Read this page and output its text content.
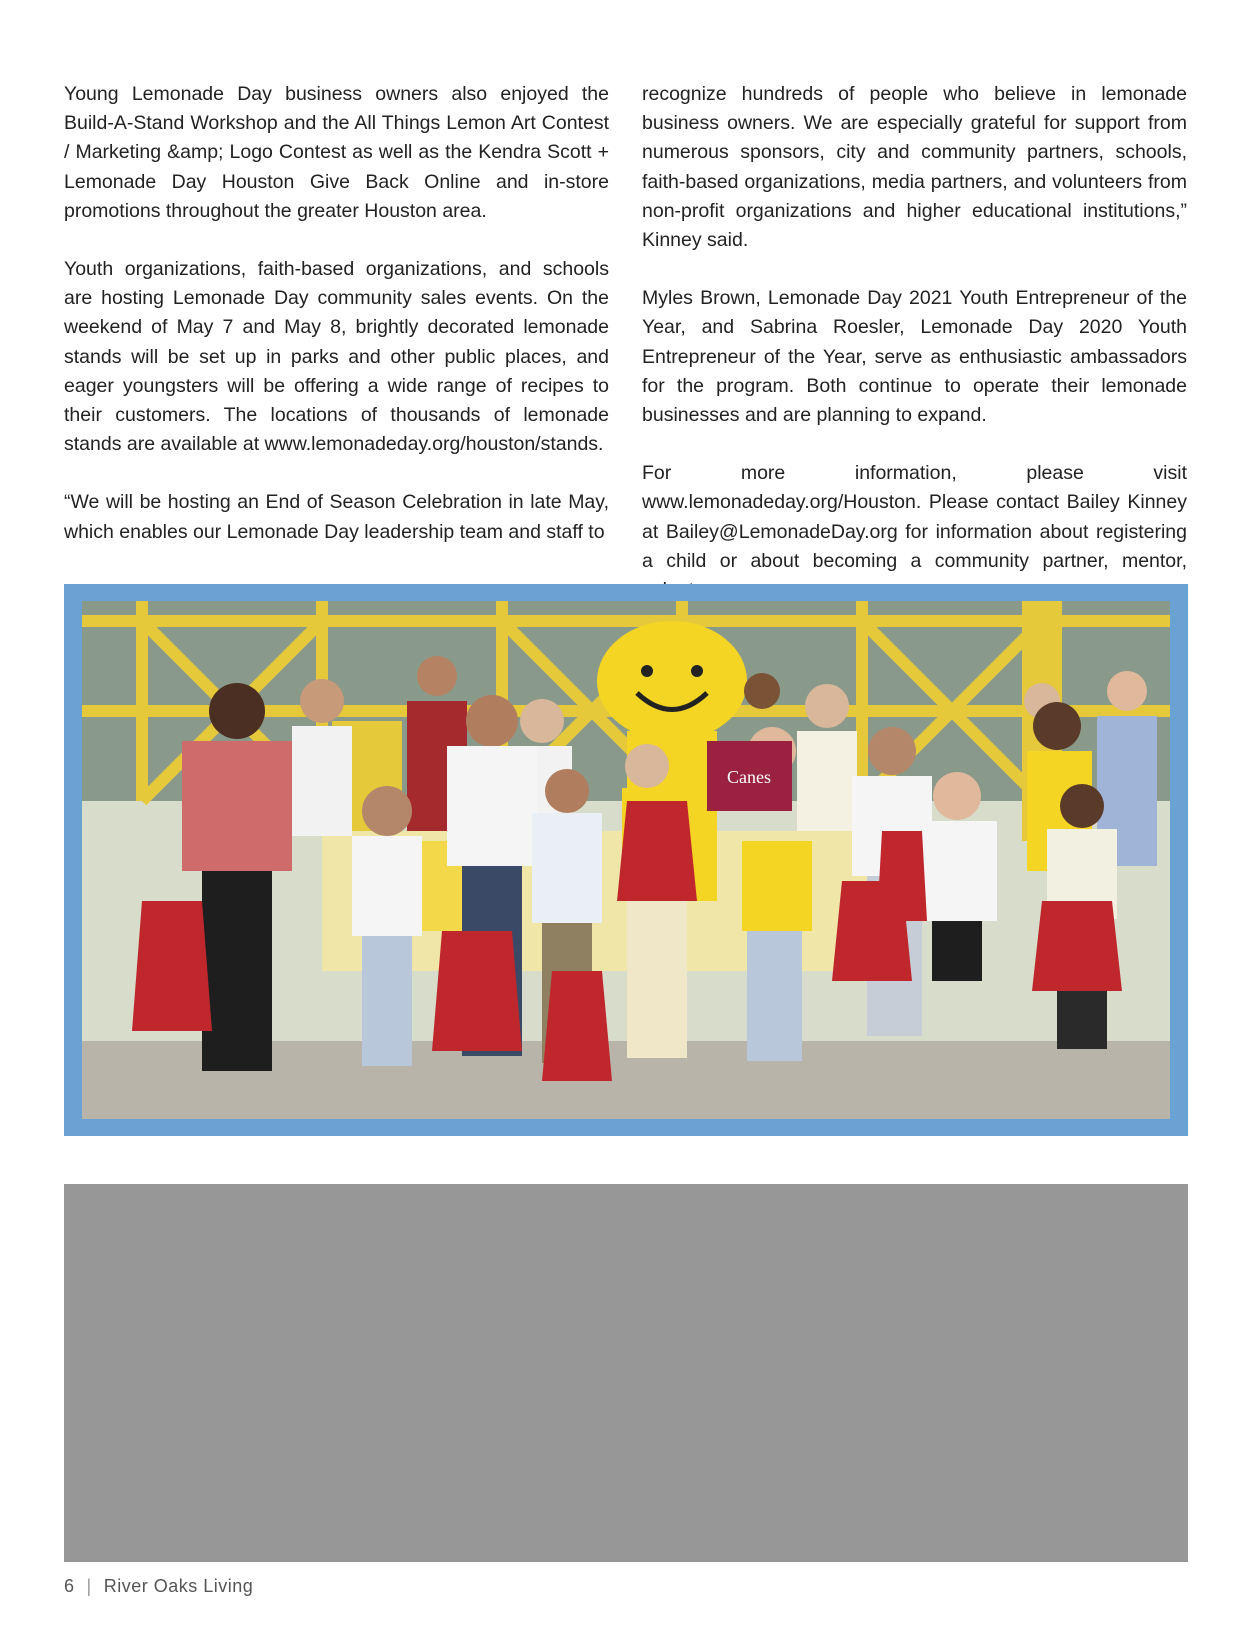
Young Lemonade Day business owners also enjoyed the Build-A-Stand Workshop and the All Things Lemon Art Contest / Marketing &amp; Logo Contest as well as the Kendra Scott + Lemonade Day Houston Give Back Online and in-store promotions throughout the greater Houston area.

Youth organizations, faith-based organizations, and schools are hosting Lemonade Day community sales events. On the weekend of May 7 and May 8, brightly decorated lemonade stands will be set up in parks and other public places, and eager youngsters will be offering a wide range of recipes to their customers. The locations of thousands of lemonade stands are available at www.lemonadeday.org/houston/stands.

“We will be hosting an End of Season Celebration in late May, which enables our Lemonade Day leadership team and staff to

recognize hundreds of people who believe in lemonade business owners. We are especially grateful for support from numerous sponsors, city and community partners, schools, faith-based organizations, media partners, and volunteers from non-profit organizations and higher educational institutions,” Kinney said.

Myles Brown, Lemonade Day 2021 Youth Entrepreneur of the Year, and Sabrina Roesler, Lemonade Day 2020 Youth Entrepreneur of the Year, serve as enthusiastic ambassadors for the program. Both continue to operate their lemonade businesses and are planning to expand.

For more information, please visit www.lemonadeday.org/Houston. Please contact Bailey Kinney at Bailey@LemonadeDay.org for information about registering a child or about becoming a community partner, mentor,

Canes
6 | River Oaks Living
